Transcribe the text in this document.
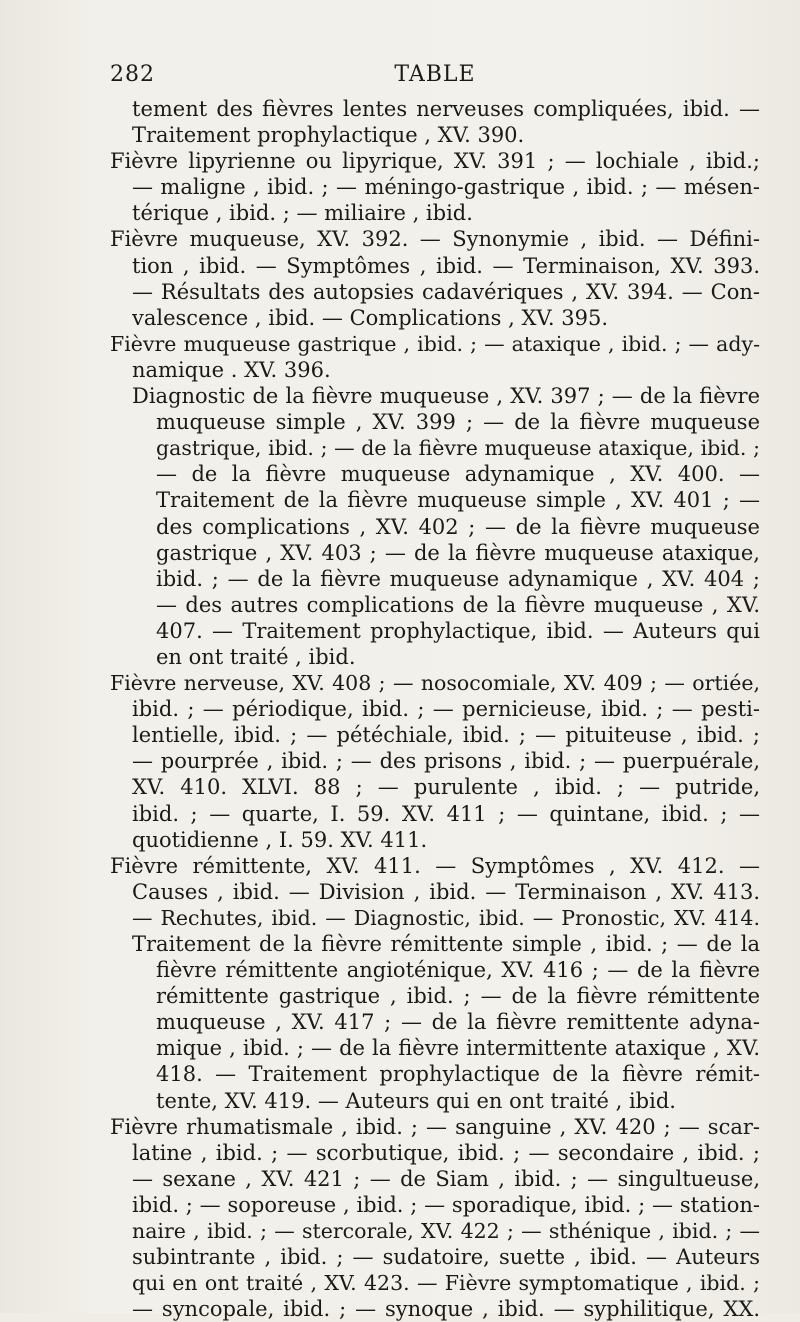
282	TABLE
tement des fièvres lentes nerveuses compliquées, ibid. —
Traitement prophylactique , XV. 390.
Fièvre lipyrienne ou lipyrique, XV. 391 ; — lochiale , ibid.;
— maligne , ibid. ; — méningo-gastrique , ibid. ; — mésen-
térique , ibid. ; — miliaire , ibid.
Fièvre muqueuse, XV. 392. — Synonymie , ibid. — Défini-
tion , ibid. — Symptômes , ibid. — Terminaison, XV. 393.
— Résultats des autopsies cadavériques , XV. 394. — Con-
valescence , ibid. — Complications , XV. 395.
Fièvre muqueuse gastrique , ibid. ; — ataxique , ibid. ; — ady-
namique . XV. 396.
Diagnostic de la fièvre muqueuse , XV. 397 ; — de la fièvre
muqueuse simple , XV. 399 ; — de la fièvre muqueuse
gastrique, ibid. ; — de la fièvre muqueuse ataxique, ibid. ;
— de la fièvre muqueuse adynamique , XV. 400. —
Traitement de la fièvre muqueuse simple , XV. 401 ; —
des complications , XV. 402 ; — de la fièvre muqueuse
gastrique , XV. 403 ; — de la fièvre muqueuse ataxique,
ibid. ; — de la fièvre muqueuse adynamique , XV. 404 ;
— des autres complications de la fièvre muqueuse , XV.
407. — Traitement prophylactique, ibid. — Auteurs qui
en ont traité , ibid.
Fièvre nerveuse, XV. 408 ; — nosocomiale, XV. 409 ; — ortiée,
ibid. ; — périodique, ibid. ; — pernicieuse, ibid. ; — pesti-
lentielle, ibid. ; — pétéchiale, ibid. ; — pituiteuse , ibid. ;
— pourprée , ibid. ; — des prisons , ibid. ; — puerpuérale,
XV. 410. XLVI. 88 ; — purulente , ibid. ; — putride,
ibid. ; — quarte, I. 59. XV. 411 ; — quintane, ibid. ; —
quotidienne , I. 59. XV. 411.
Fièvre rémittente, XV. 411. — Symptômes , XV. 412. —
Causes , ibid. — Division , ibid. — Terminaison , XV. 413.
— Rechutes, ibid. — Diagnostic, ibid. — Pronostic, XV. 414.
Traitement de la fièvre rémittente simple , ibid. ; — de la
fièvre rémittente angioténique, XV. 416 ; — de la fièvre
rémittente gastrique , ibid. ; — de la fièvre rémittente
muqueuse , XV. 417 ; — de la fièvre remittente adyna-
mique , ibid. ; — de la fièvre intermittente ataxique , XV.
418. — Traitement prophylactique de la fièvre rémit-
tente, XV. 419. — Auteurs qui en ont traité , ibid.
Fièvre rhumatismale , ibid. ; — sanguine , XV. 420 ; — scar-
latine , ibid. ; — scorbutique, ibid. ; — secondaire , ibid. ;
— sexane , XV. 421 ; — de Siam , ibid. ; — singultueuse,
ibid. ; — soporeuse , ibid. ; — sporadique, ibid. ; — station-
naire , ibid. ; — stercorale, XV. 422 ; — sthénique , ibid. ; —
subintrante , ibid. ; — sudatoire, suette , ibid. — Auteurs
qui en ont traité , XV. 423. — Fièvre symptomatique , ibid. ;
— syncopale, ibid. ; — synoque , ibid. — syphilitique, XX.
